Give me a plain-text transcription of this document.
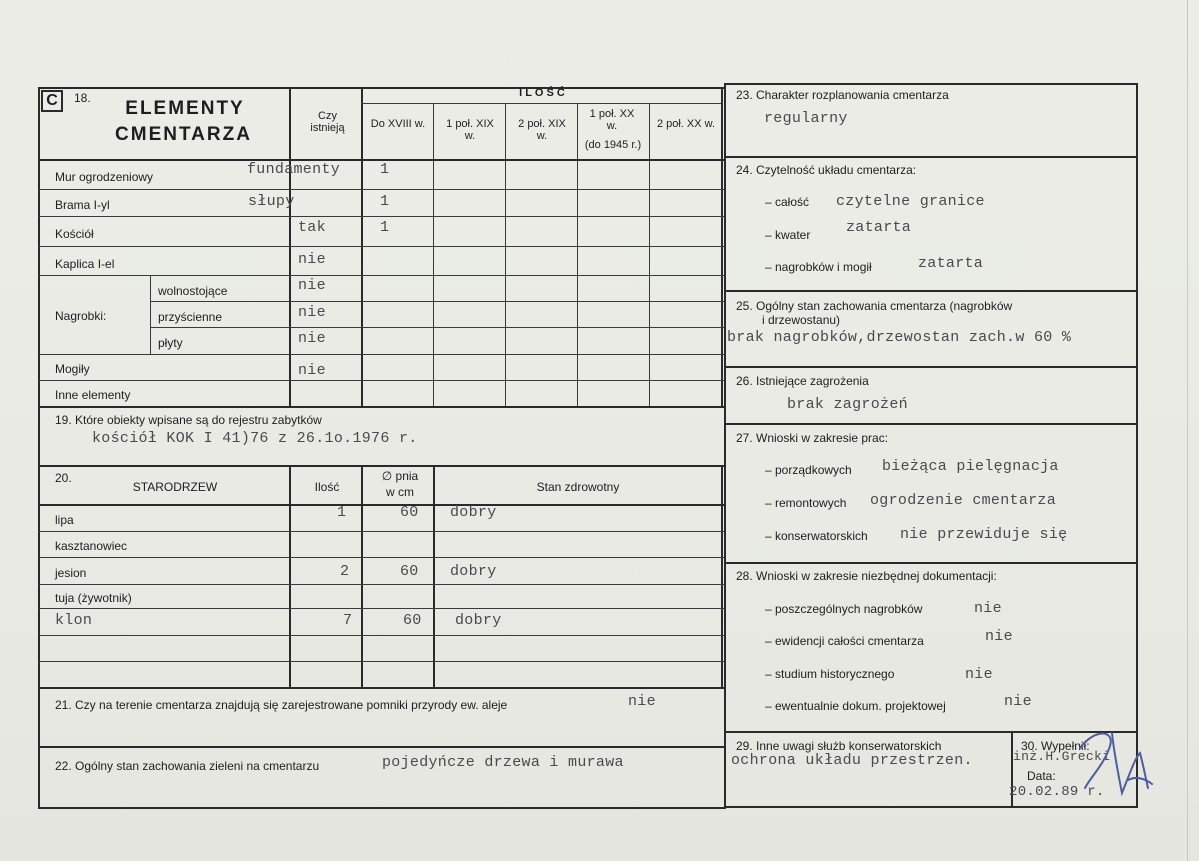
C	18.	ELEMENTY
CMENTARZA
Czy istnieją
I L O Ś Ć
Do XVIII w.	1 poł. XIX w.
2 poł. XIX w.
1 poł. XX w.
(do 1945 r.)
2 poł. XX w.
Mur ogrodzeniowy	fundamenty	1
Brama I-yl	słupy	1
Kościół	tak	1
Kaplica I-el	nie
Nagrobki:
wolnostojące	nie
przyścienne	nie
płyty	nie
Mogiły	nie
Inne elementy
19. Które obiekty wpisane są do rejestru zabytków
kościół KOK I 41)76 z 26.1o.1976 r.
20.
STARODRZEW	Ilość
∅ pnia
w cm	Stan zdrowotny
lipa	1	60 dobry
kasztanowiec
jesion	2	60 dobry
tuja (żywotnik)
klon	7	60 dobry
21. Czy na terenie cmentarza znajdują się zarejestrowane pomniki przyrody ew. aleje	nie
22. Ogólny stan zachowania zieleni na cmentarzu	pojedyńcze drzewa i murawa
23. Charakter rozplanowania cmentarza
regularny
24. Czytelność układu cmentarza:
– całość czytelne granice
– kwater zatarta
– nagrobków i mogił	zatarta
25. Ogólny stan zachowania cmentarza (nagrobków
i drzewostanu)
brak nagrobków,drzewostan zach.w 60 %
26. Istniejące zagrożenia
brak zagrożeń
27. Wnioski w zakresie prac:
– porządkowych bieżąca pielęgnacja
– remontowych ogrodzenie cmentarza
– konserwatorskich nie przewiduje się
28. Wnioski w zakresie niezbędnej dokumentacji:
– poszczególnych nagrobków	nie
– ewidencji całości cmentarza	nie
– studium historycznego	nie
– ewentualnie dokum. projektowej	nie
29. Inne uwagi służb konserwatorskich
ochrona układu przestrzen.
30. Wypełnił:
inż.H.Grecki
Data:
20.02.89 r.
